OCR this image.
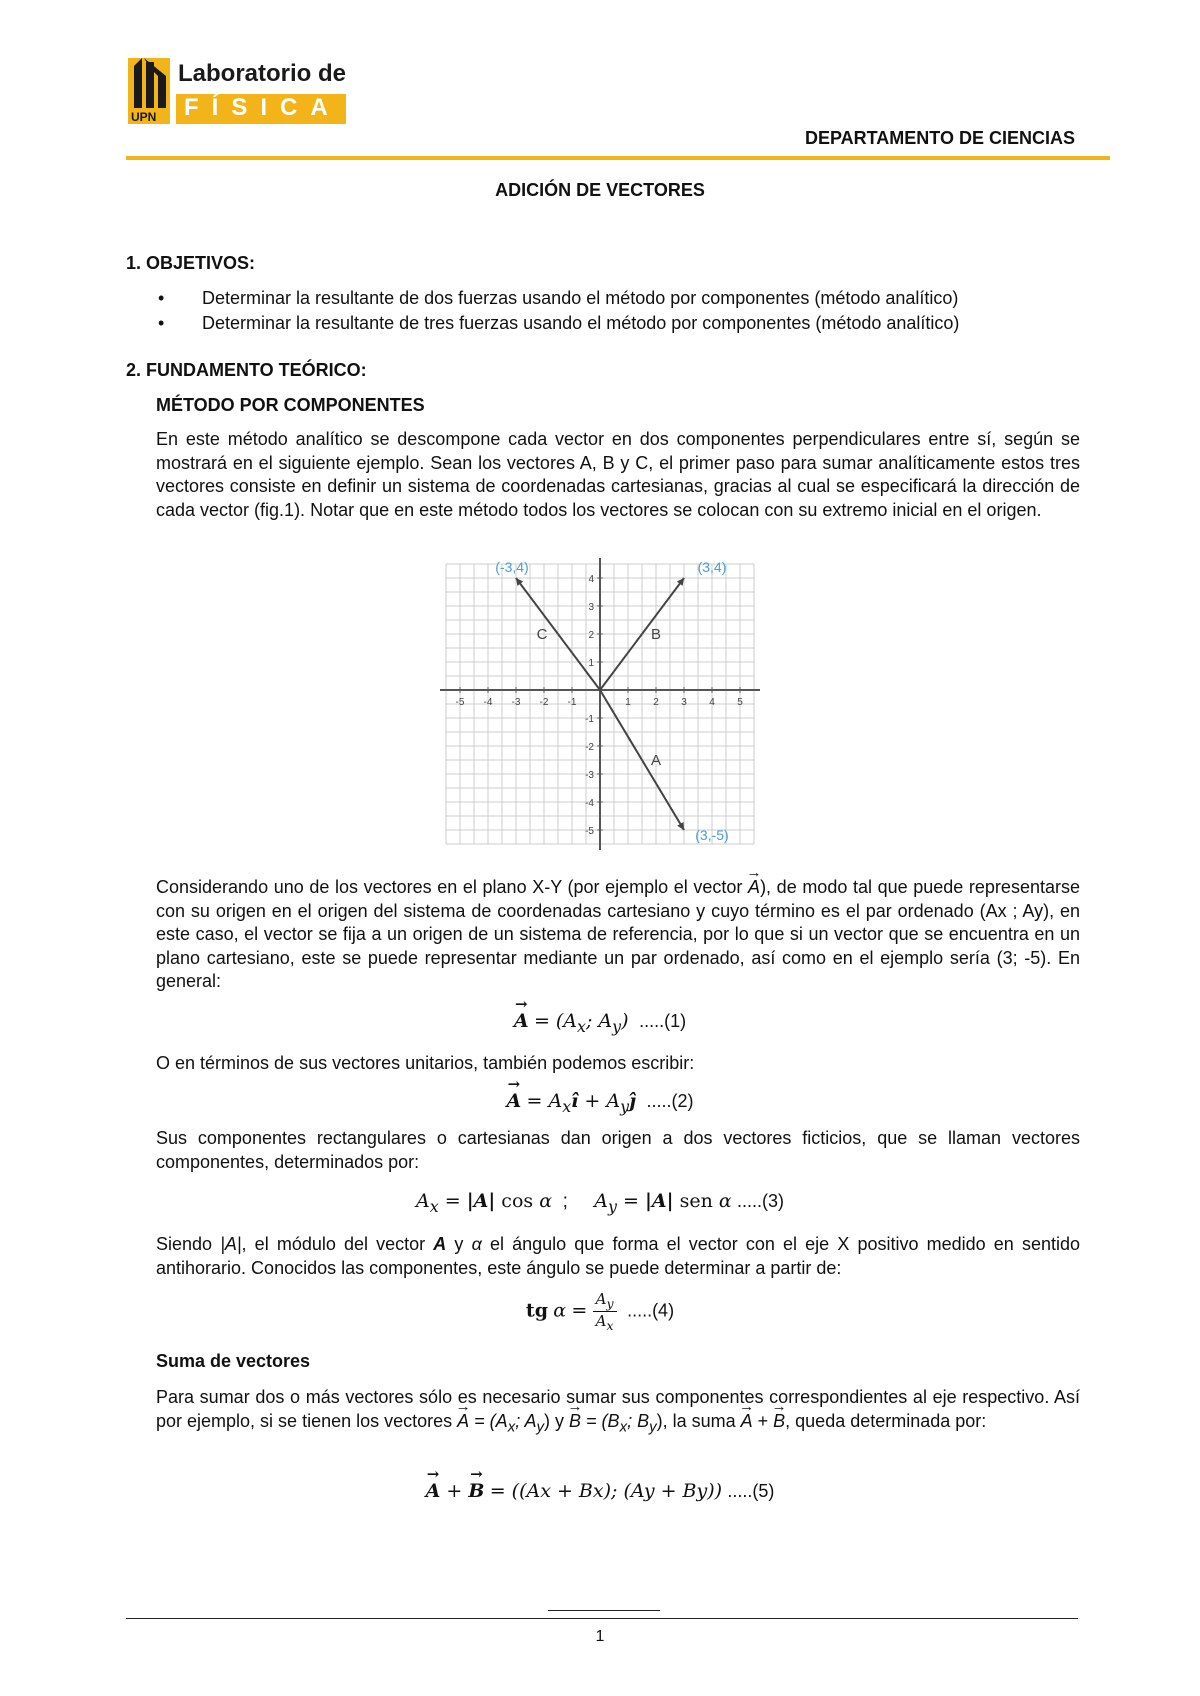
UPN
Laboratorio de
FÍSICA
DEPARTAMENTO DE CIENCIAS
ADICIÓN DE VECTORES
1. OBJETIVOS:
•	Determinar la resultante de dos fuerzas usando el método por componentes (método analítico)
•	Determinar la resultante de tres fuerzas usando el método por componentes (método analítico)
2. FUNDAMENTO TEÓRICO:
MÉTODO POR COMPONENTES
En este método analítico se descompone cada vector en dos componentes perpendiculares entre sí, según se mostrará en el siguiente ejemplo. Sean los vectores A, B y C, el primer paso para sumar analíticamente estos tres vectores consiste en definir un sistema de coordenadas cartesianas, gracias al cual se especificará la dirección de cada vector (fig.1). Notar que en este método todos los vectores se colocan con su extremo inicial en el origen.
-5 -4 -3 -2 -1	1 2 3 4 5
4
3
2
1
-1
-2
-3
-4
-5
A
(3,-5)
B
(3,4)
C
(-3,4)
Considerando uno de los vectores en el plano X-Y (por ejemplo el vector → A), de modo tal que puede representarse con su origen en el origen del sistema de coordenadas cartesiano y cuyo término es el par ordenado (Ax ; Ay), en este caso, el vector se fija a un origen de un sistema de referencia, por lo que si un vector que se encuentra en un plano cartesiano, este se puede representar mediante un par ordenado, así como en el ejemplo sería (3; -5). En general:
→ $A = (A_x$; $A_y$) .....(1)
O en términos de sus vectores unitarios, también podemos escribir:
→ $A = A_xî$ + $A_yĵ$ .....(2)
Sus componentes rectangulares o cartesianas dan origen a dos vectores ficticios, que se llaman vectores componentes, determinados por:
$A_x = |A|$ cos α  ;     $A_y = |A|$ sen α .....(3)
Siendo |A|, el módulo del vector A y α el ángulo que forma el vector con el eje X positivo medido en sentido antihorario. Conocidos las componentes, este ángulo se puede determinar a partir de:
tg $\alpha = \frac{A_y}{A_x} .....(4)$
Suma de vectores
Para sumar dos o más vectores sólo es necesario sumar sus componentes correspondientes al eje respectivo. Así por ejemplo, si se tienen los vectores → $A = (A_x$; $A_y$) $y \to B = (B_x$; $B_y$), la suma → A + → B, queda determinada por:
→ A + → B = ((Ax + Bx); (Ay + By)) .....(5)
1
